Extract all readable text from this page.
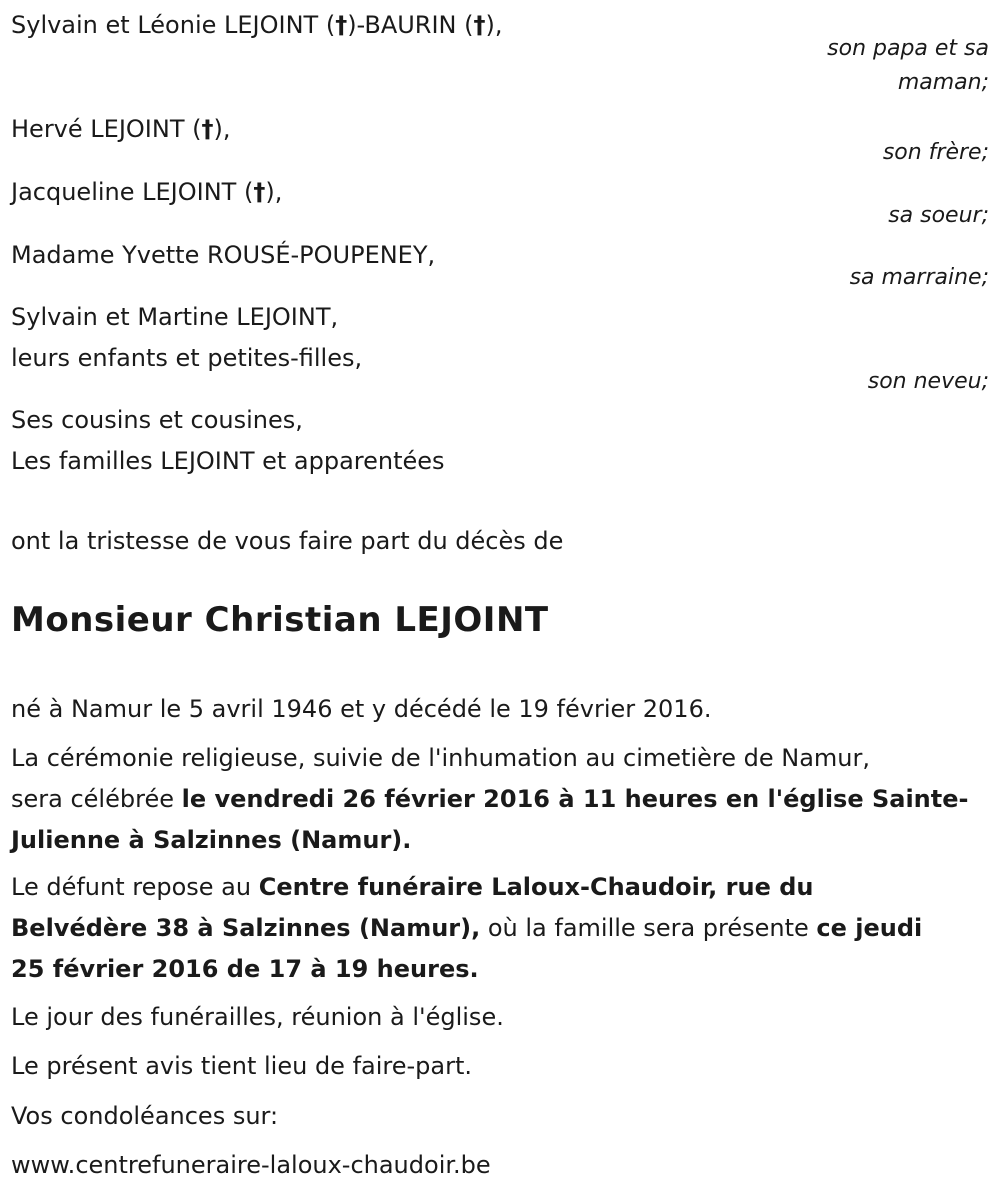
Sylvain et Léonie LEJOINT (†)-BAURIN (†),
son papa et sa
maman;
Hervé LEJOINT (†),
son frère;
Jacqueline LEJOINT (†),
sa soeur;
Madame Yvette ROUSÉ-POUPENEY,
sa marraine;
Sylvain et Martine LEJOINT,
leurs enfants et petites-filles,
son neveu;
Ses cousins et cousines,
Les familles LEJOINT et apparentées
ont la tristesse de vous faire part du décès de
Monsieur Christian LEJOINT
né à Namur le 5 avril 1946 et y décédé le 19 février 2016.
La cérémonie religieuse, suivie de l'inhumation au cimetière de Namur,
sera célébrée le vendredi 26 février 2016 à 11 heures en l'église Sainte-
Julienne à Salzinnes (Namur).
Le défunt repose au Centre funéraire Laloux-Chaudoir, rue du
Belvédère 38 à Salzinnes (Namur), où la famille sera présente ce jeudi
25 février 2016 de 17 à 19 heures.
Le jour des funérailles, réunion à l'église.
Le présent avis tient lieu de faire-part.
Vos condoléances sur:
www.centrefuneraire-laloux-chaudoir.be
